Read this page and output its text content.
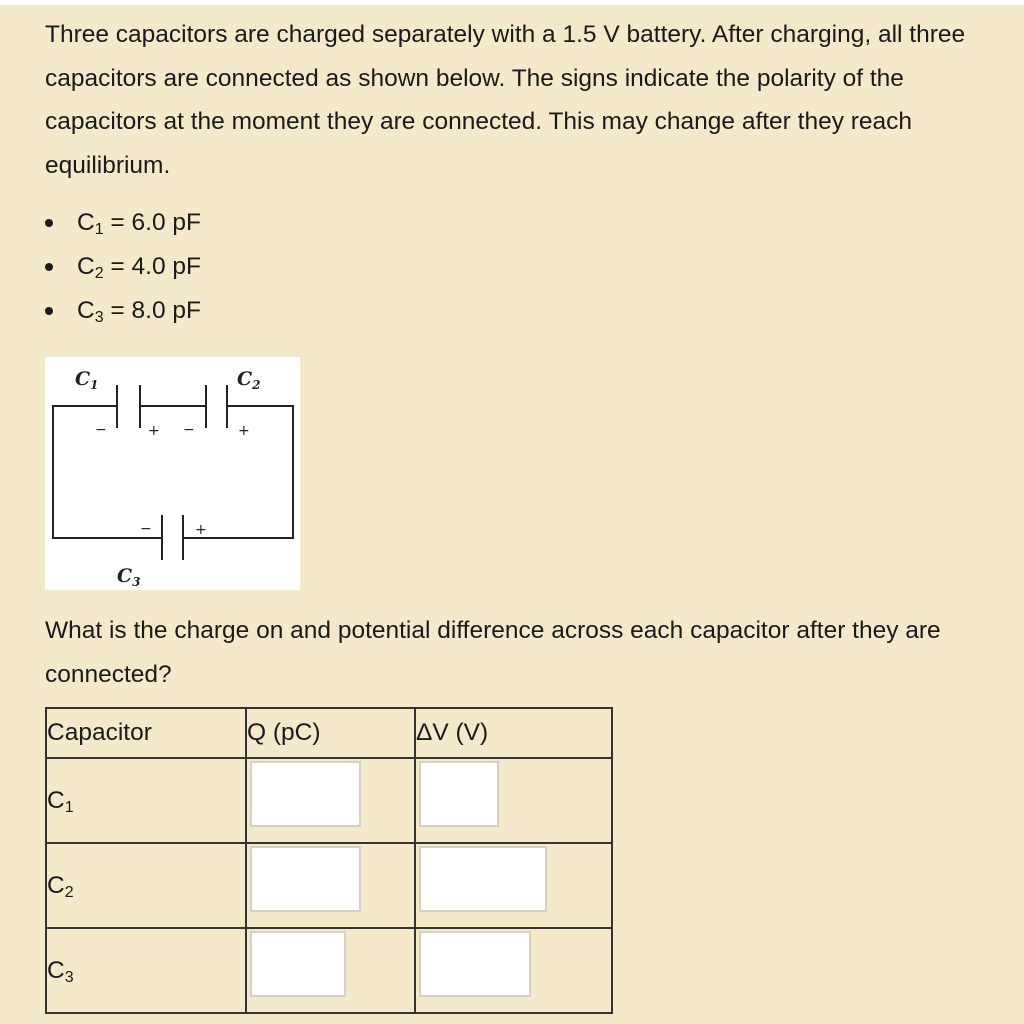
Three capacitors are charged separately with a 1.5 V battery. After charging, all three capacitors are connected as shown below. The signs indicate the polarity of the capacitors at the moment they are connected. This may change after they reach equilibrium.

$C_1 = 6.0$ pF
$C_2 = 4.0$ pF
$C_3 = 8.0$ pF
$C_1$	$C_2$
$C_3$
−	+ −	+
−	+

What is the charge on and potential difference across each capacitor after they are connected?

Capacitor	Q (pC)	ΔV (V)
$C_1$	

$C_2$	

$C_3$	
